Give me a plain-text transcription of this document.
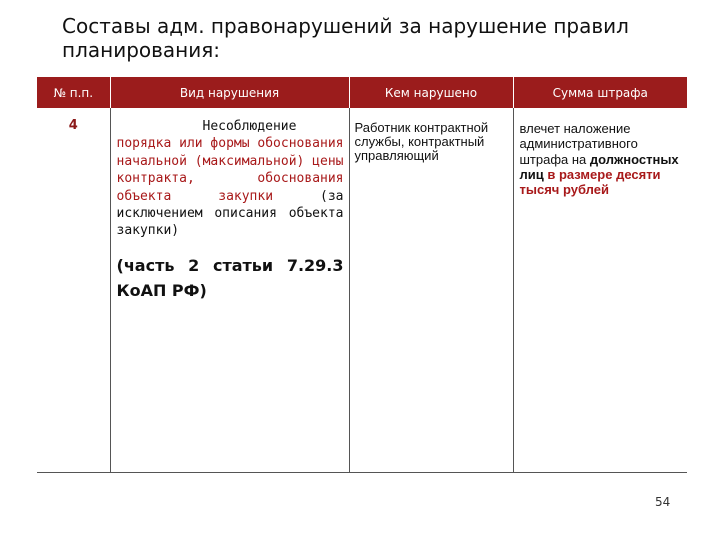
Составы адм. правонарушений за нарушение правил
планирования:
№ п.п.	Вид нарушения	Кем нарушено	Сумма штрафа
4	Несоблюдение
порядка или формы обоснования начальной (максимальной) цены контракта, обоснования объекта закупки (за исключением описания объекта закупки)
(часть 2 статьи 7.29.3 КоАП РФ)	Работник контрактной службы, контрактный управляющий	влечет наложение административного штрафа на должностных лиц в размере десяти тысяч рублей
54
